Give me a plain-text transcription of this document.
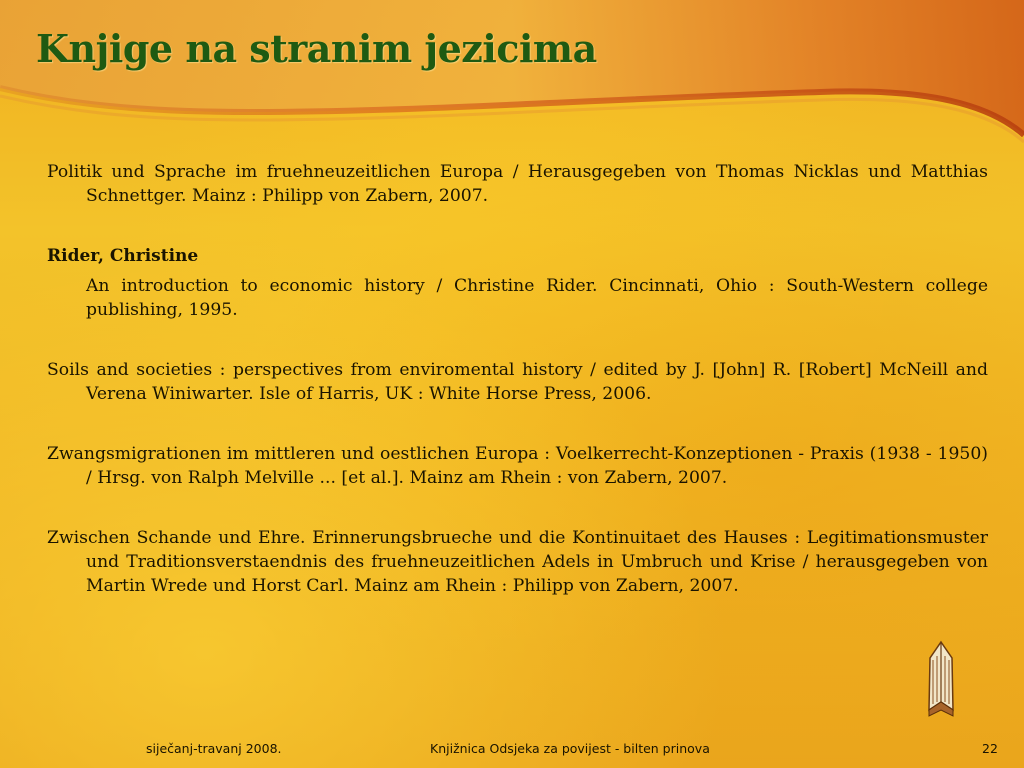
Knjige na stranim jezicima

Politik und Sprache im fruehneuzeitlichen Europa / Herausgegeben von Thomas Nicklas und Matthias Schnettger. Mainz : Philipp von Zabern, 2007.

Rider, Christine

An introduction to economic history / Christine Rider. Cincinnati, Ohio : South-Western college publishing, 1995.

Soils and societies : perspectives from enviromental history / edited by J. [John] R. [Robert] McNeill and Verena Winiwarter. Isle of Harris, UK : White Horse Press, 2006.

Zwangsmigrationen im mittleren und oestlichen Europa : Voelkerrecht-Konzeptionen - Praxis (1938 - 1950) / Hrsg. von Ralph Melville ... [et al.]. Mainz am Rhein : von Zabern, 2007.

Zwischen Schande und Ehre. Erinnerungsbrueche und die Kontinuitaet des Hauses : Legitimationsmuster und Traditionsverstaendnis des fruehneuzeitlichen Adels in Umbruch und Krise / herausgegeben von Martin Wrede und Horst Carl. Mainz am Rhein : Philipp von Zabern, 2007.

siječanj-travanj 2008.	Knjižnica Odsjeka za povijest - bilten prinova	22
